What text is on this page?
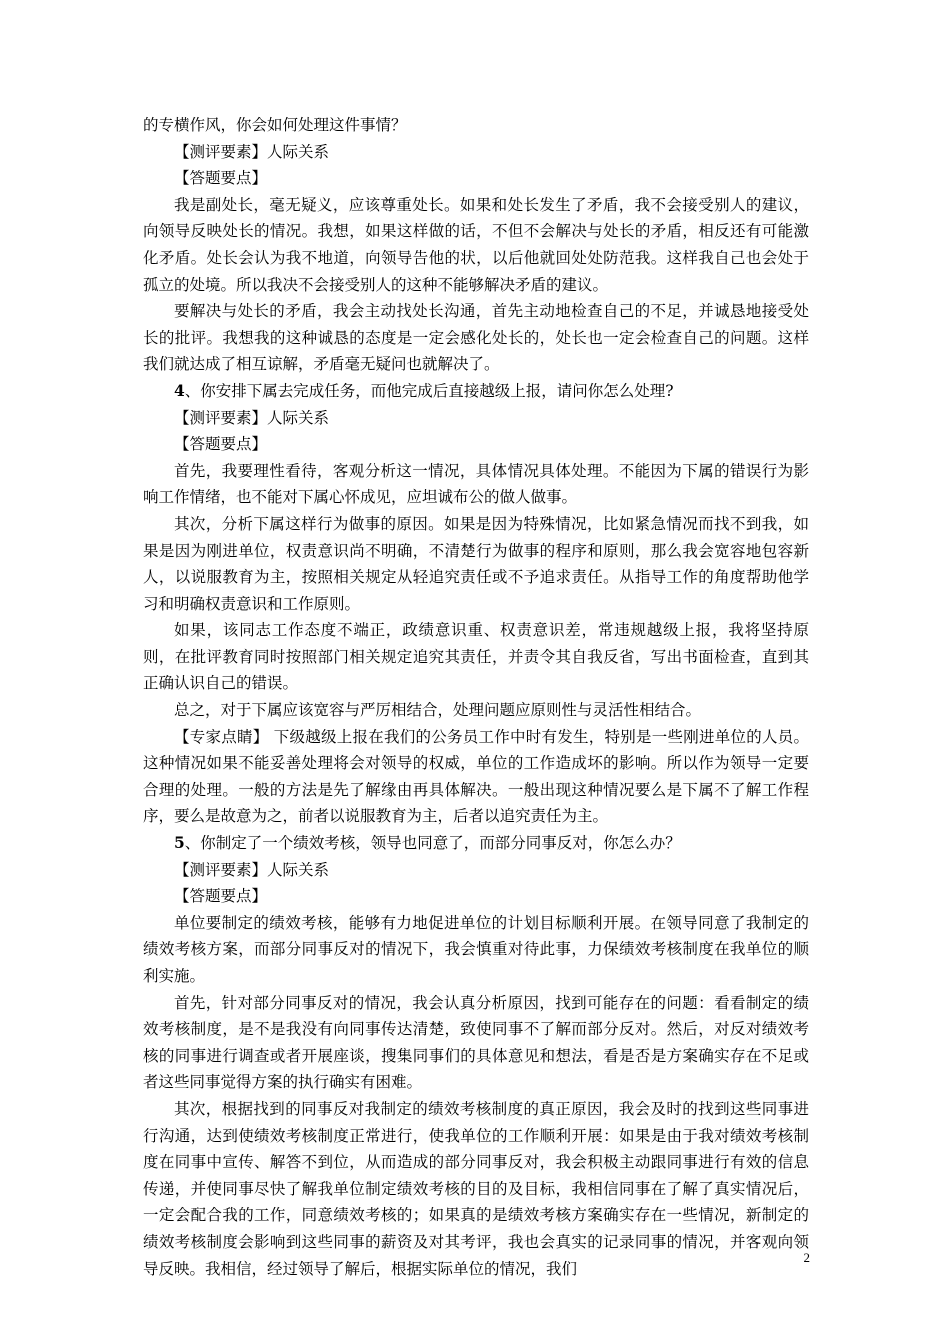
的专横作风，你会如何处理这件事情？

【测评要素】人际关系

【答题要点】

我是副处长，毫无疑义，应该尊重处长。如果和处长发生了矛盾，我不会接受别人的建议，向领导反映处长的情况。我想，如果这样做的话，不但不会解决与处长的矛盾，相反还有可能激化矛盾。处长会认为我不地道，向领导告他的状，以后他就回处处防范我。这样我自己也会处于孤立的处境。所以我决不会接受别人的这种不能够解决矛盾的建议。

要解决与处长的矛盾，我会主动找处长沟通，首先主动地检查自己的不足，并诚恳地接受处长的批评。我想我的这种诚恳的态度是一定会感化处长的，处长也一定会检查自己的问题。这样我们就达成了相互谅解，矛盾毫无疑问也就解决了。

4、你安排下属去完成任务，而他完成后直接越级上报，请问你怎么处理?

【测评要素】人际关系

【答题要点】

首先，我要理性看待，客观分析这一情况，具体情况具体处理。不能因为下属的错误行为影响工作情绪，也不能对下属心怀成见，应坦诚布公的做人做事。

其次，分析下属这样行为做事的原因。如果是因为特殊情况，比如紧急情况而找不到我，如果是因为刚进单位，权责意识尚不明确，不清楚行为做事的程序和原则，那么我会宽容地包容新人，以说服教育为主，按照相关规定从轻追究责任或不予追求责任。从指导工作的角度帮助他学习和明确权责意识和工作原则。

如果，该同志工作态度不端正，政绩意识重、权责意识差，常违规越级上报，我将坚持原则，在批评教育同时按照部门相关规定追究其责任，并责令其自我反省，写出书面检查，直到其正确认识自己的错误。

总之，对于下属应该宽容与严厉相结合，处理问题应原则性与灵活性相结合。

【专家点睛】 下级越级上报在我们的公务员工作中时有发生，特别是一些刚进单位的人员。这种情况如果不能妥善处理将会对领导的权威，单位的工作造成坏的影响。所以作为领导一定要合理的处理。一般的方法是先了解缘由再具体解决。一般出现这种情况要么是下属不了解工作程序，要么是故意为之，前者以说服教育为主，后者以追究责任为主。

5、你制定了一个绩效考核，领导也同意了，而部分同事反对，你怎么办？

【测评要素】人际关系

【答题要点】

单位要制定的绩效考核，能够有力地促进单位的计划目标顺利开展。在领导同意了我制定的绩效考核方案，而部分同事反对的情况下，我会慎重对待此事，力保绩效考核制度在我单位的顺利实施。

首先，针对部分同事反对的情况，我会认真分析原因，找到可能存在的问题：看看制定的绩效考核制度，是不是我没有向同事传达清楚，致使同事不了解而部分反对。然后，对反对绩效考核的同事进行调查或者开展座谈，搜集同事们的具体意见和想法，看是否是方案确实存在不足或者这些同事觉得方案的执行确实有困难。

其次，根据找到的同事反对我制定的绩效考核制度的真正原因，我会及时的找到这些同事进行沟通，达到使绩效考核制度正常进行，使我单位的工作顺利开展：如果是由于我对绩效考核制度在同事中宣传、解答不到位，从而造成的部分同事反对，我会积极主动跟同事进行有效的信息传递，并使同事尽快了解我单位制定绩效考核的目的及目标，我相信同事在了解了真实情况后，一定会配合我的工作，同意绩效考核的；如果真的是绩效考核方案确实存在一些情况，新制定的绩效考核制度会影响到这些同事的薪资及对其考评，我也会真实的记录同事的情况，并客观向领导反映。我相信，经过领导了解后，根据实际单位的情况，我们

2
